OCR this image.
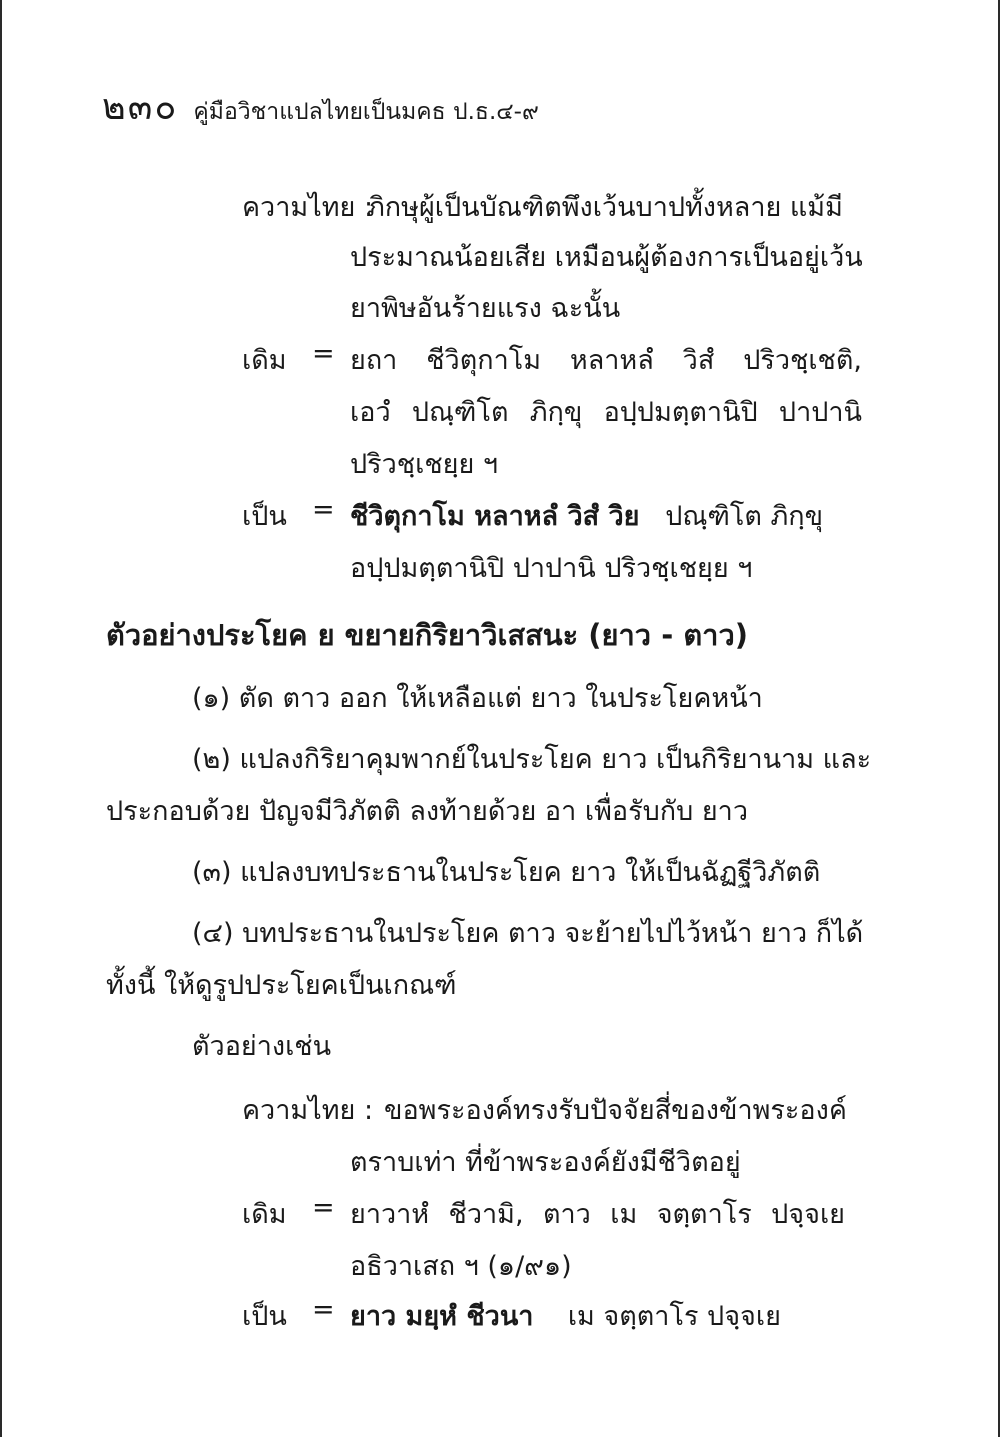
๒๓๐ คู่มือวิชาแปลไทยเป็นมคธ ป.ธ.๔-๙
ความไทย :
ภิกษุผู้เป็นบัณฑิตพึงเว้นบาปทั้งหลาย แม้มี
ประมาณน้อยเสีย เหมือนผู้ต้องการเป็นอยู่เว้น
ยาพิษอันร้ายแรง ฉะนั้น
เดิม = ยถา ชีวิตุกาโม หลาหลํ วิสํ ปริวชฺเชติ,
เอวํ ปณฺฑิโต ภิกฺขุ อปฺปมตฺตานิปิ ปาปานิ
ปริวชฺเชยฺย ฯ
เป็น = ชีวิตุกาโม หลาหลํ วิสํ วิย ปณฺฑิโต ภิกฺขุ
อปฺปมตฺตานิปิ ปาปานิ ปริวชฺเชยฺย ฯ
ตัวอย่างประโยค ย ขยายกิริยาวิเสสนะ (ยาว - ตาว)
(๑) ตัด ตาว ออก ให้เหลือแต่ ยาว ในประโยคหน้า
(๒) แปลงกิริยาคุมพากย์ในประโยค ยาว เป็นกิริยานาม และ
ประกอบด้วย ปัญจมีวิภัตติ ลงท้ายด้วย อา เพื่อรับกับ ยาว
(๓) แปลงบทประธานในประโยค ยาว ให้เป็นฉัฏฐีวิภัตติ
(๔) บทประธานในประโยค ตาว จะย้ายไปไว้หน้า ยาว ก็ได้
ทั้งนี้ ให้ดูรูปประโยคเป็นเกณฑ์
ตัวอย่างเช่น
ความไทย : ขอพระองค์ทรงรับปัจจัยสี่ของข้าพระองค์
ตราบเท่า ที่ข้าพระองค์ยังมีชีวิตอยู่
เดิม = ยาวาหํ ชีวามิ, ตาว เม จตฺตาโร ปจฺจเย
อธิวาเสถ ฯ (๑/๙๑)
เป็น = ยาว มยฺหํ ชีวนา เม จตฺตาโร ปจฺจเย
